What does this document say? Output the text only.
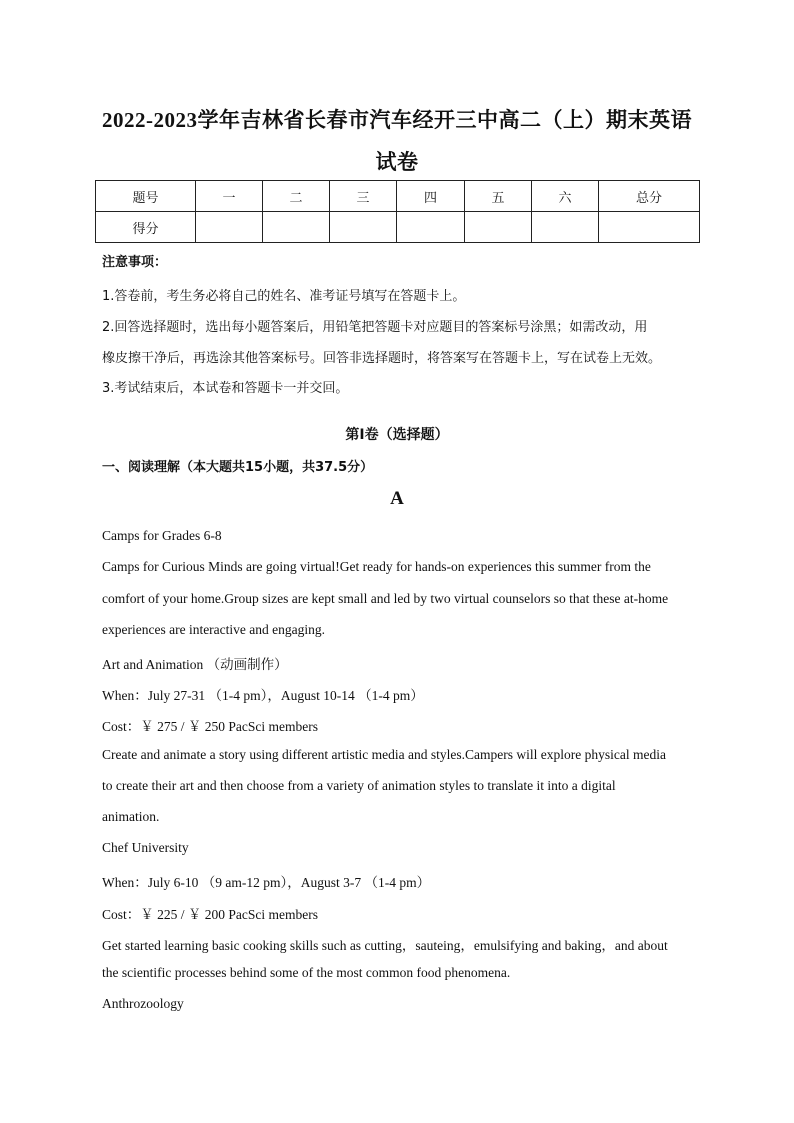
2022-2023学年吉林省长春市汽车经开三中高二（上）期末英语
试卷
题号	一	二	三	四	五	六	总分
得分							
注意事项：
1.答卷前，考生务必将自己的姓名、准考证号填写在答题卡上。
2.回答选择题时，选出每小题答案后，用铅笔把答题卡对应题目的答案标号涂黑；如需改动，用
橡皮擦干净后，再选涂其他答案标号。回答非选择题时，将答案写在答题卡上，写在试卷上无效。
3.考试结束后，本试卷和答题卡一并交回。
第Ⅰ卷（选择题）
一、阅读理解（本大题共15小题，共37.5分）
A
Camps for Grades 6-8
Camps for Curious Minds are going virtual!Get ready for hands-on experiences this summer from the
comfort of your home.Group sizes are kept small and led by two virtual counselors so that these at-home
experiences are interactive and engaging.
Art and Animation （动画制作）
When：July 27-31 （1-4 pm），August 10-14 （1-4 pm）
Cost：￥ 275 / ￥ 250 PacSci members
Create and animate a story using different artistic media and styles.Campers will explore physical media
to create their art and then choose from a variety of animation styles to translate it into a digital
animation.
Chef University
When：July 6-10 （9 am-12 pm），August 3-7 （1-4 pm）
Cost：￥ 225 / ￥ 200 PacSci members
Get started learning basic cooking skills such as cutting，sauteing，emulsifying and baking，and about
the scientific processes behind some of the most common food phenomena.
Anthrozoology
